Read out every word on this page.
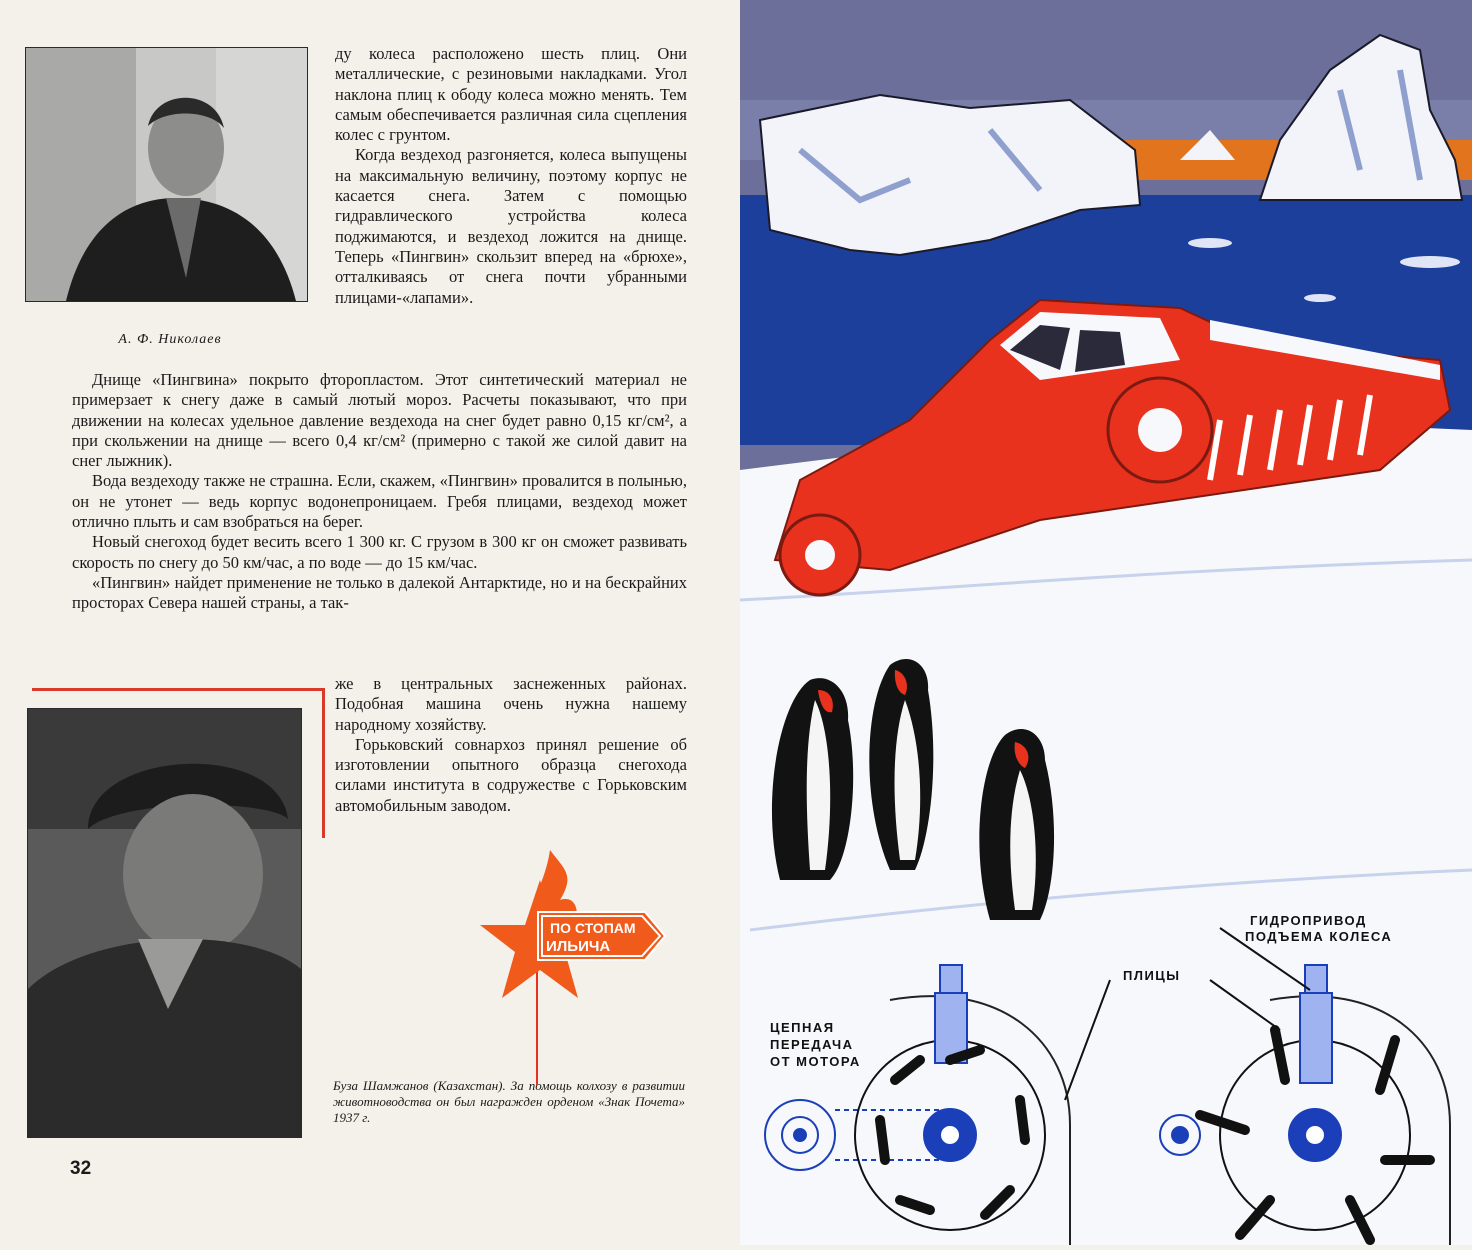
А. Ф. Николаев

ду колеса расположено шесть плиц. Они металлические, с резиновыми накладками. Угол наклона плиц к ободу колеса можно менять. Тем самым обеспечивается различная сила сцепления колес с грунтом.

Когда вездеход разгоняется, колеса выпущены на максимальную величину, поэтому корпус не касается снега. Затем с помощью гидравлического устройства колеса поджимаются, и вездеход ложится на днище. Теперь «Пингвин» скользит вперед на «брюхе», отталкиваясь от снега почти убранными плицами-«лапами».

Днище «Пингвина» покрыто фторопластом. Этот синтетический материал не примерзает к снегу даже в самый лютый мороз. Расчеты показывают, что при движении на колесах удельное давление вездехода на снег будет равно 0,15 кг/см², а при скольжении на днище — всего 0,4 кг/см² (примерно с такой же силой давит на снег лыжник).

Вода вездеходу также не страшна. Если, скажем, «Пингвин» провалится в полынью, он не утонет — ведь корпус водонепроницаем. Гребя плицами, вездеход может отлично плыть и сам взобраться на берег.

Новый снегоход будет весить всего 1 300 кг. С грузом в 300 кг он сможет развивать скорость по снегу до 50 км/час, а по воде — до 15 км/час.

«Пингвин» найдет применение не только в далекой Антарктиде, но и на бескрайних просторах Севера нашей страны, а так-

же в центральных заснеженных районах. Подобная машина очень нужна нашему народному хозяйству.

Горьковский совнархоз принял решение об изготовлении опытного образца снегохода силами института в содружестве с Горьковским автомобильным заводом.

Бyза Шамжанов (Казахстан). За помощь колхозу в развитии животноводства он был награжден орденом «Знак Почета» 1937 г.
ПО СТОПАМ
ИЛЬИЧА
32
ГИДРОПРИВОД
ПОДЪЕМА КОЛЕСА
ПЛИЦЫ
ЦЕПНАЯ
ПЕРЕДАЧА
ОТ МОТОРА
